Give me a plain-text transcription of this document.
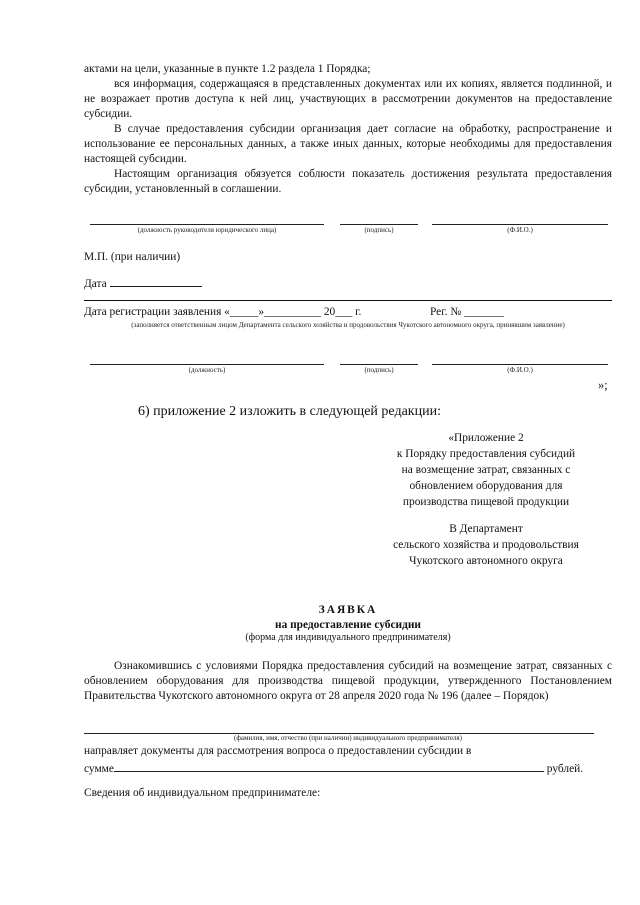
актами на цели, указанные в пункте 1.2 раздела 1 Порядка;

вся информация, содержащаяся в представленных документах или их копиях, является подлинной, и не возражает против доступа к ней лиц, участвующих в рассмотрении документов на предоставление субсидии.

В случае предоставления субсидии организация дает согласие на обработку, распространение и использование ее персональных данных, а также иных данных, которые необходимы для предоставления настоящей субсидии.

Настоящим организация обязуется соблюсти показатель достижения результата предоставления субсидии, установленный в соглашении.

(должность руководителя юридического лица)	(подпись)	(Ф.И.О.)
М.П. (при наличии)
Дата
Дата регистрации заявления «_____»__________ 20___ г.	Рег. № _______
(заполняется ответственным лицом Департамента сельского хозяйства и продовольствия Чукотского автономного округа, принявшим заявление)
(должность)	(подпись)	(Ф.И.О.)
»;
6) приложение 2 изложить в следующей редакции:
«Приложение 2
к Порядку предоставления субсидий
на возмещение затрат, связанных с
обновлением оборудования для
производства пищевой продукции
В Департамент
сельского хозяйства и продовольствия
Чукотского автономного округа
ЗАЯВКА
на предоставление субсидии
(форма для индивидуального предпринимателя)

Ознакомившись с условиями Порядка предоставления субсидий на возмещение затрат, связанных с обновлением оборудования для производства пищевой продукции, утвержденного Постановлением Правительства Чукотского автономного округа от 28 апреля 2020 года № 196 (далее – Порядок)

(фамилия, имя, отчество (при наличии) индивидуального предпринимателя)

направляет документы для рассмотрения вопроса о предоставлении субсидии в

сумме	рублей.
Сведения об индивидуальном предпринимателе:
